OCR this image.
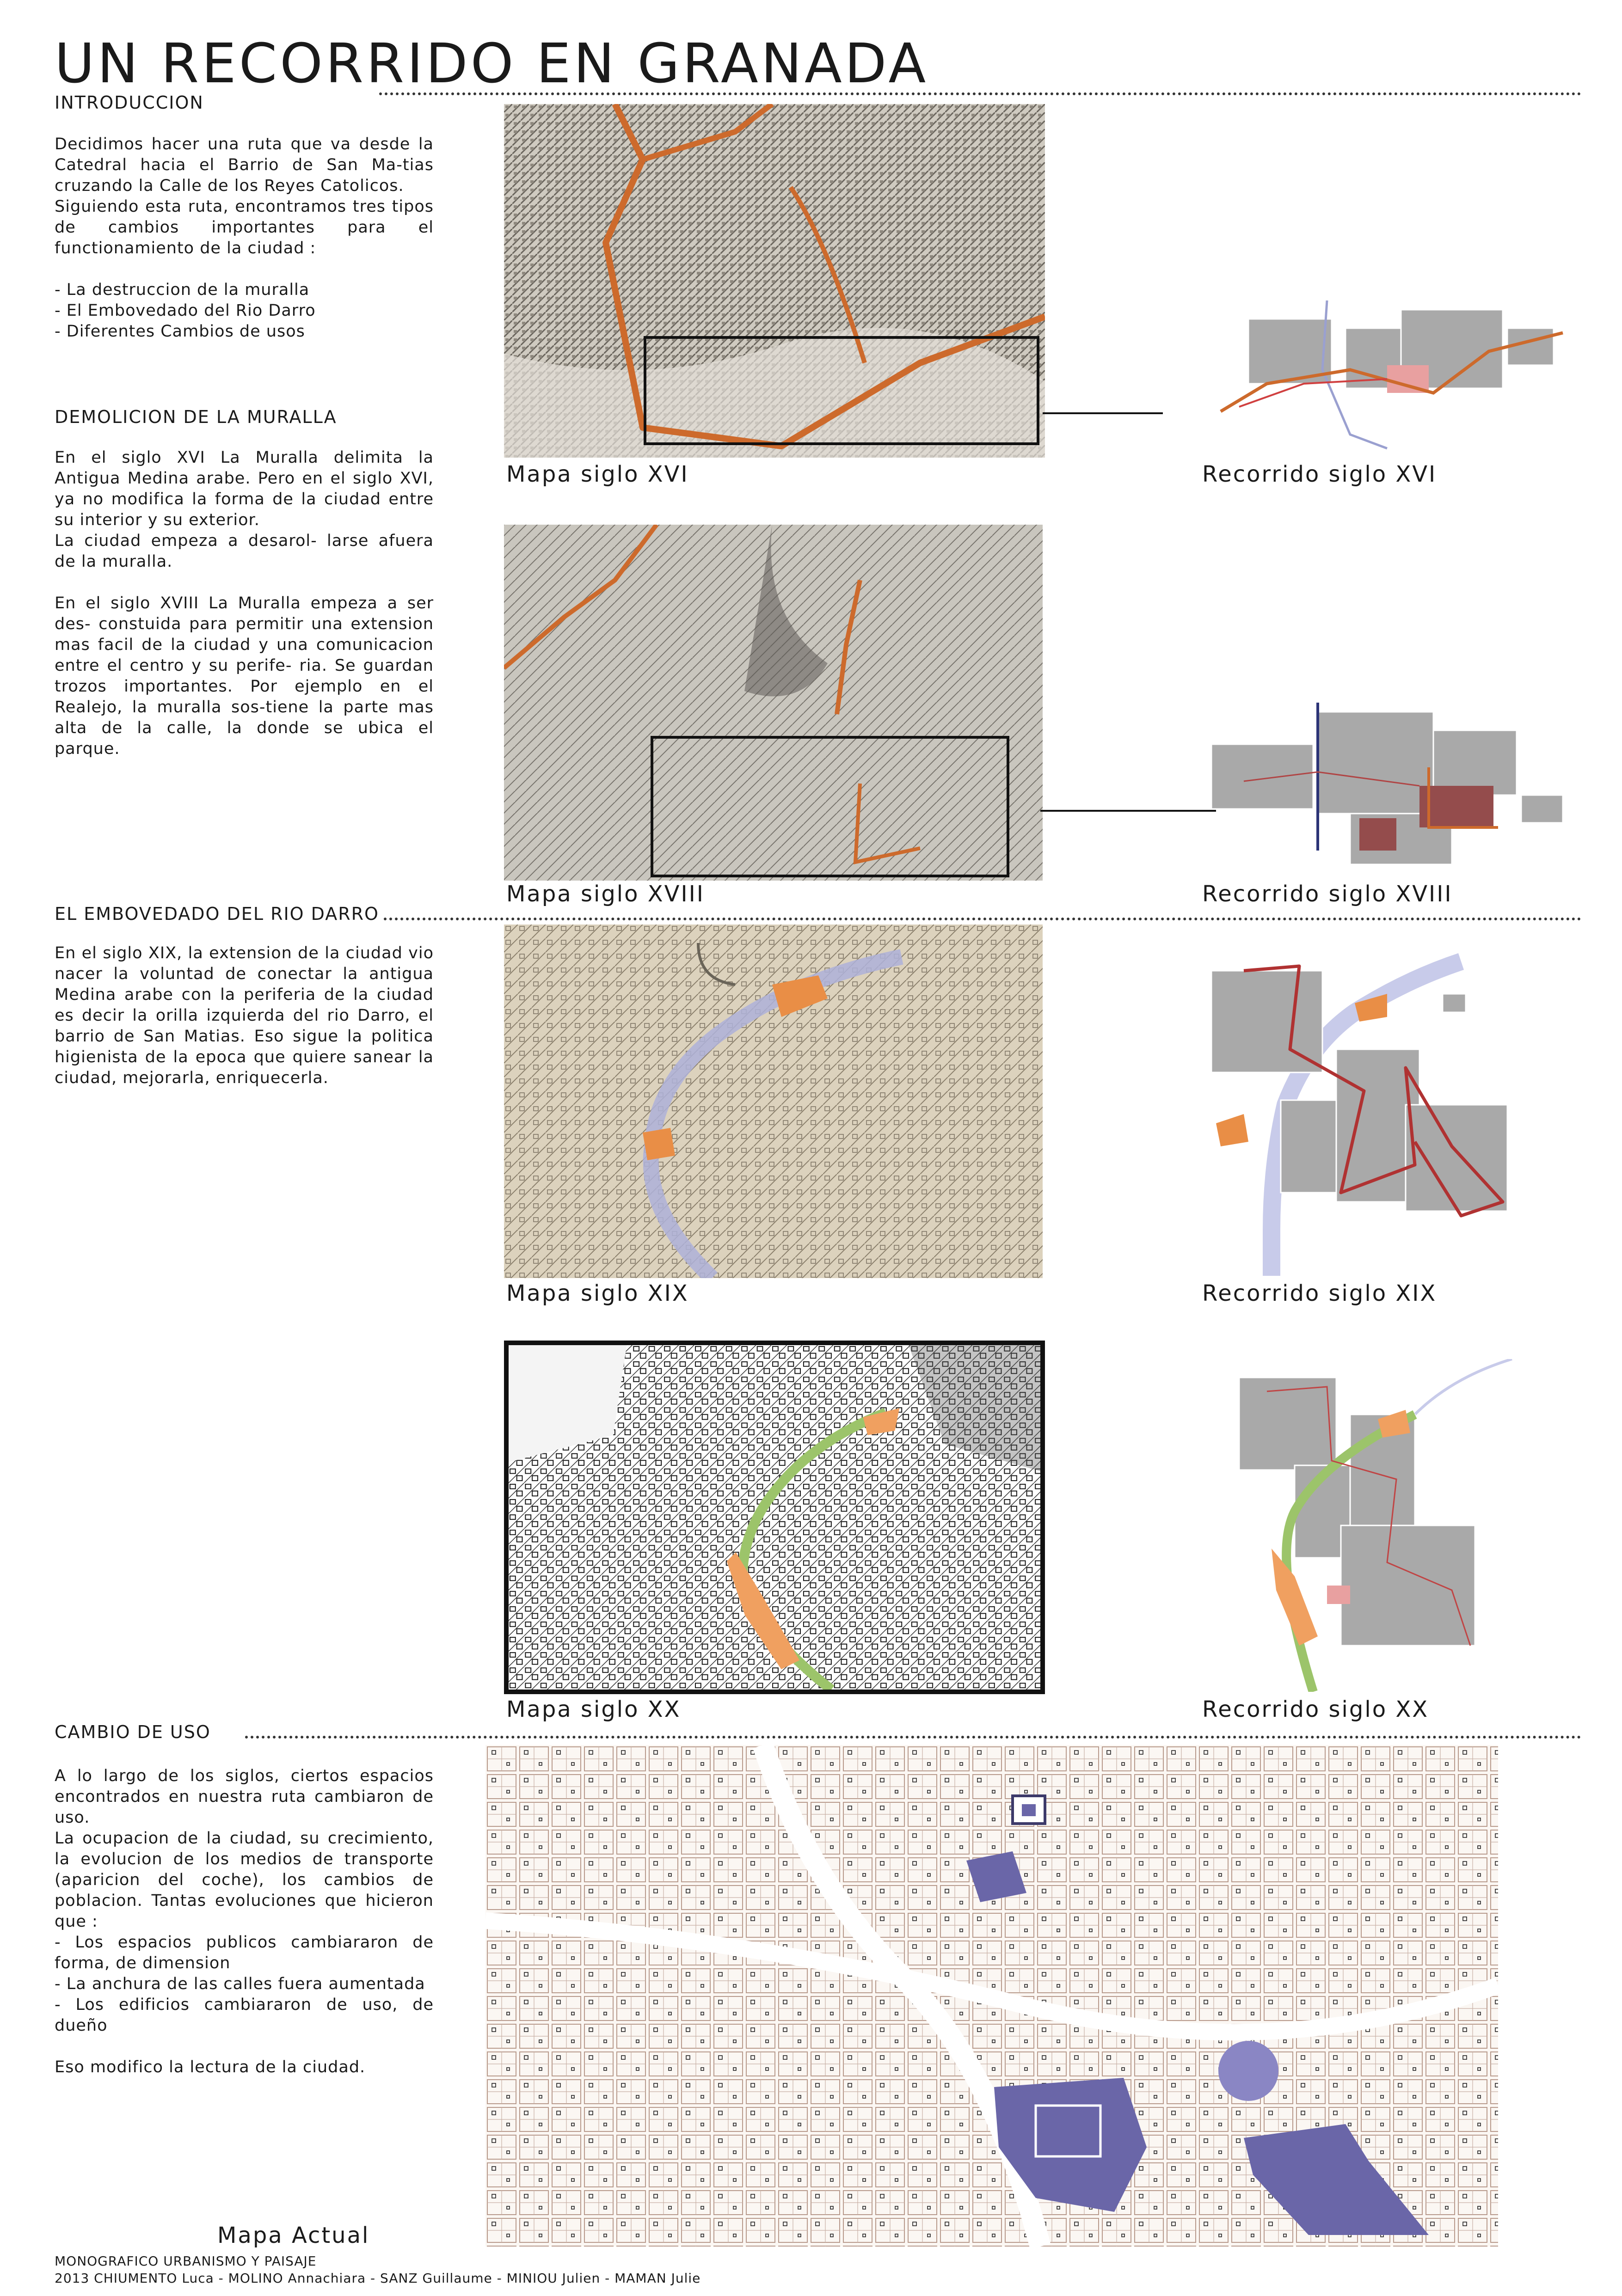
UN RECORRIDO EN GRANADA
INTRODUCCION
Decidimos hacer una ruta que va desde la Catedral hacia el Barrio de San Ma-tias cruzando la Calle de los Reyes Catolicos.
Siguiendo esta ruta, encontramos tres tipos de cambios importantes para el functionamiento de la ciudad :

- La destruccion de la muralla
- El Embovedado del Rio Darro
- Diferentes Cambios de usos
DEMOLICION DE LA MURALLA
En el siglo XVI La Muralla delimita la Antigua Medina arabe. Pero en el siglo XVI, ya no modifica la forma de la ciudad entre su interior y su exterior.
La ciudad empeza a desarol- larse afuera de la muralla.

En el siglo XVIII La Muralla empeza a ser des- constuida para permitir una extension mas facil de la ciudad y una comunicacion entre el centro y su perife- ria. Se guardan trozos importantes. Por ejemplo en el Realejo, la muralla sos-tiene la parte mas alta de la calle, la donde se ubica el parque.
Mapa siglo XVI	Recorrido siglo XVI
Mapa siglo XVIII	Recorrido siglo XVIII
EL EMBOVEDADO DEL RIO DARRO
En el siglo XIX, la extension de la ciudad vio nacer la voluntad de conectar la antigua Medina arabe con la periferia de la ciudad es decir la orilla izquierda del rio Darro, el barrio de San Matias. Eso sigue la politica higienista de la epoca que quiere sanear la ciudad, mejorarla, enriquecerla.
Mapa siglo XIX	Recorrido siglo XIX
Mapa siglo XX	Recorrido siglo XX
CAMBIO DE USO
A lo largo de los siglos, ciertos espacios encontrados en nuestra ruta cambiaron de uso.
La ocupacion de la ciudad, su crecimiento, la evolucion de los medios de transporte (aparicion del coche), los cambios de poblacion. Tantas evoluciones que hicieron que :
- Los espacios publicos cambiararon de forma, de dimension
- La anchura de las calles fuera aumentada
- Los edificios cambiararon de uso, de dueño

Eso modifico la lectura de la ciudad.
Mapa Actual
MONOGRAFICO URBANISMO Y PAISAJE
2013 CHIUMENTO Luca - MOLINO Annachiara - SANZ Guillaume - MINIOU Julien - MAMAN Julie
